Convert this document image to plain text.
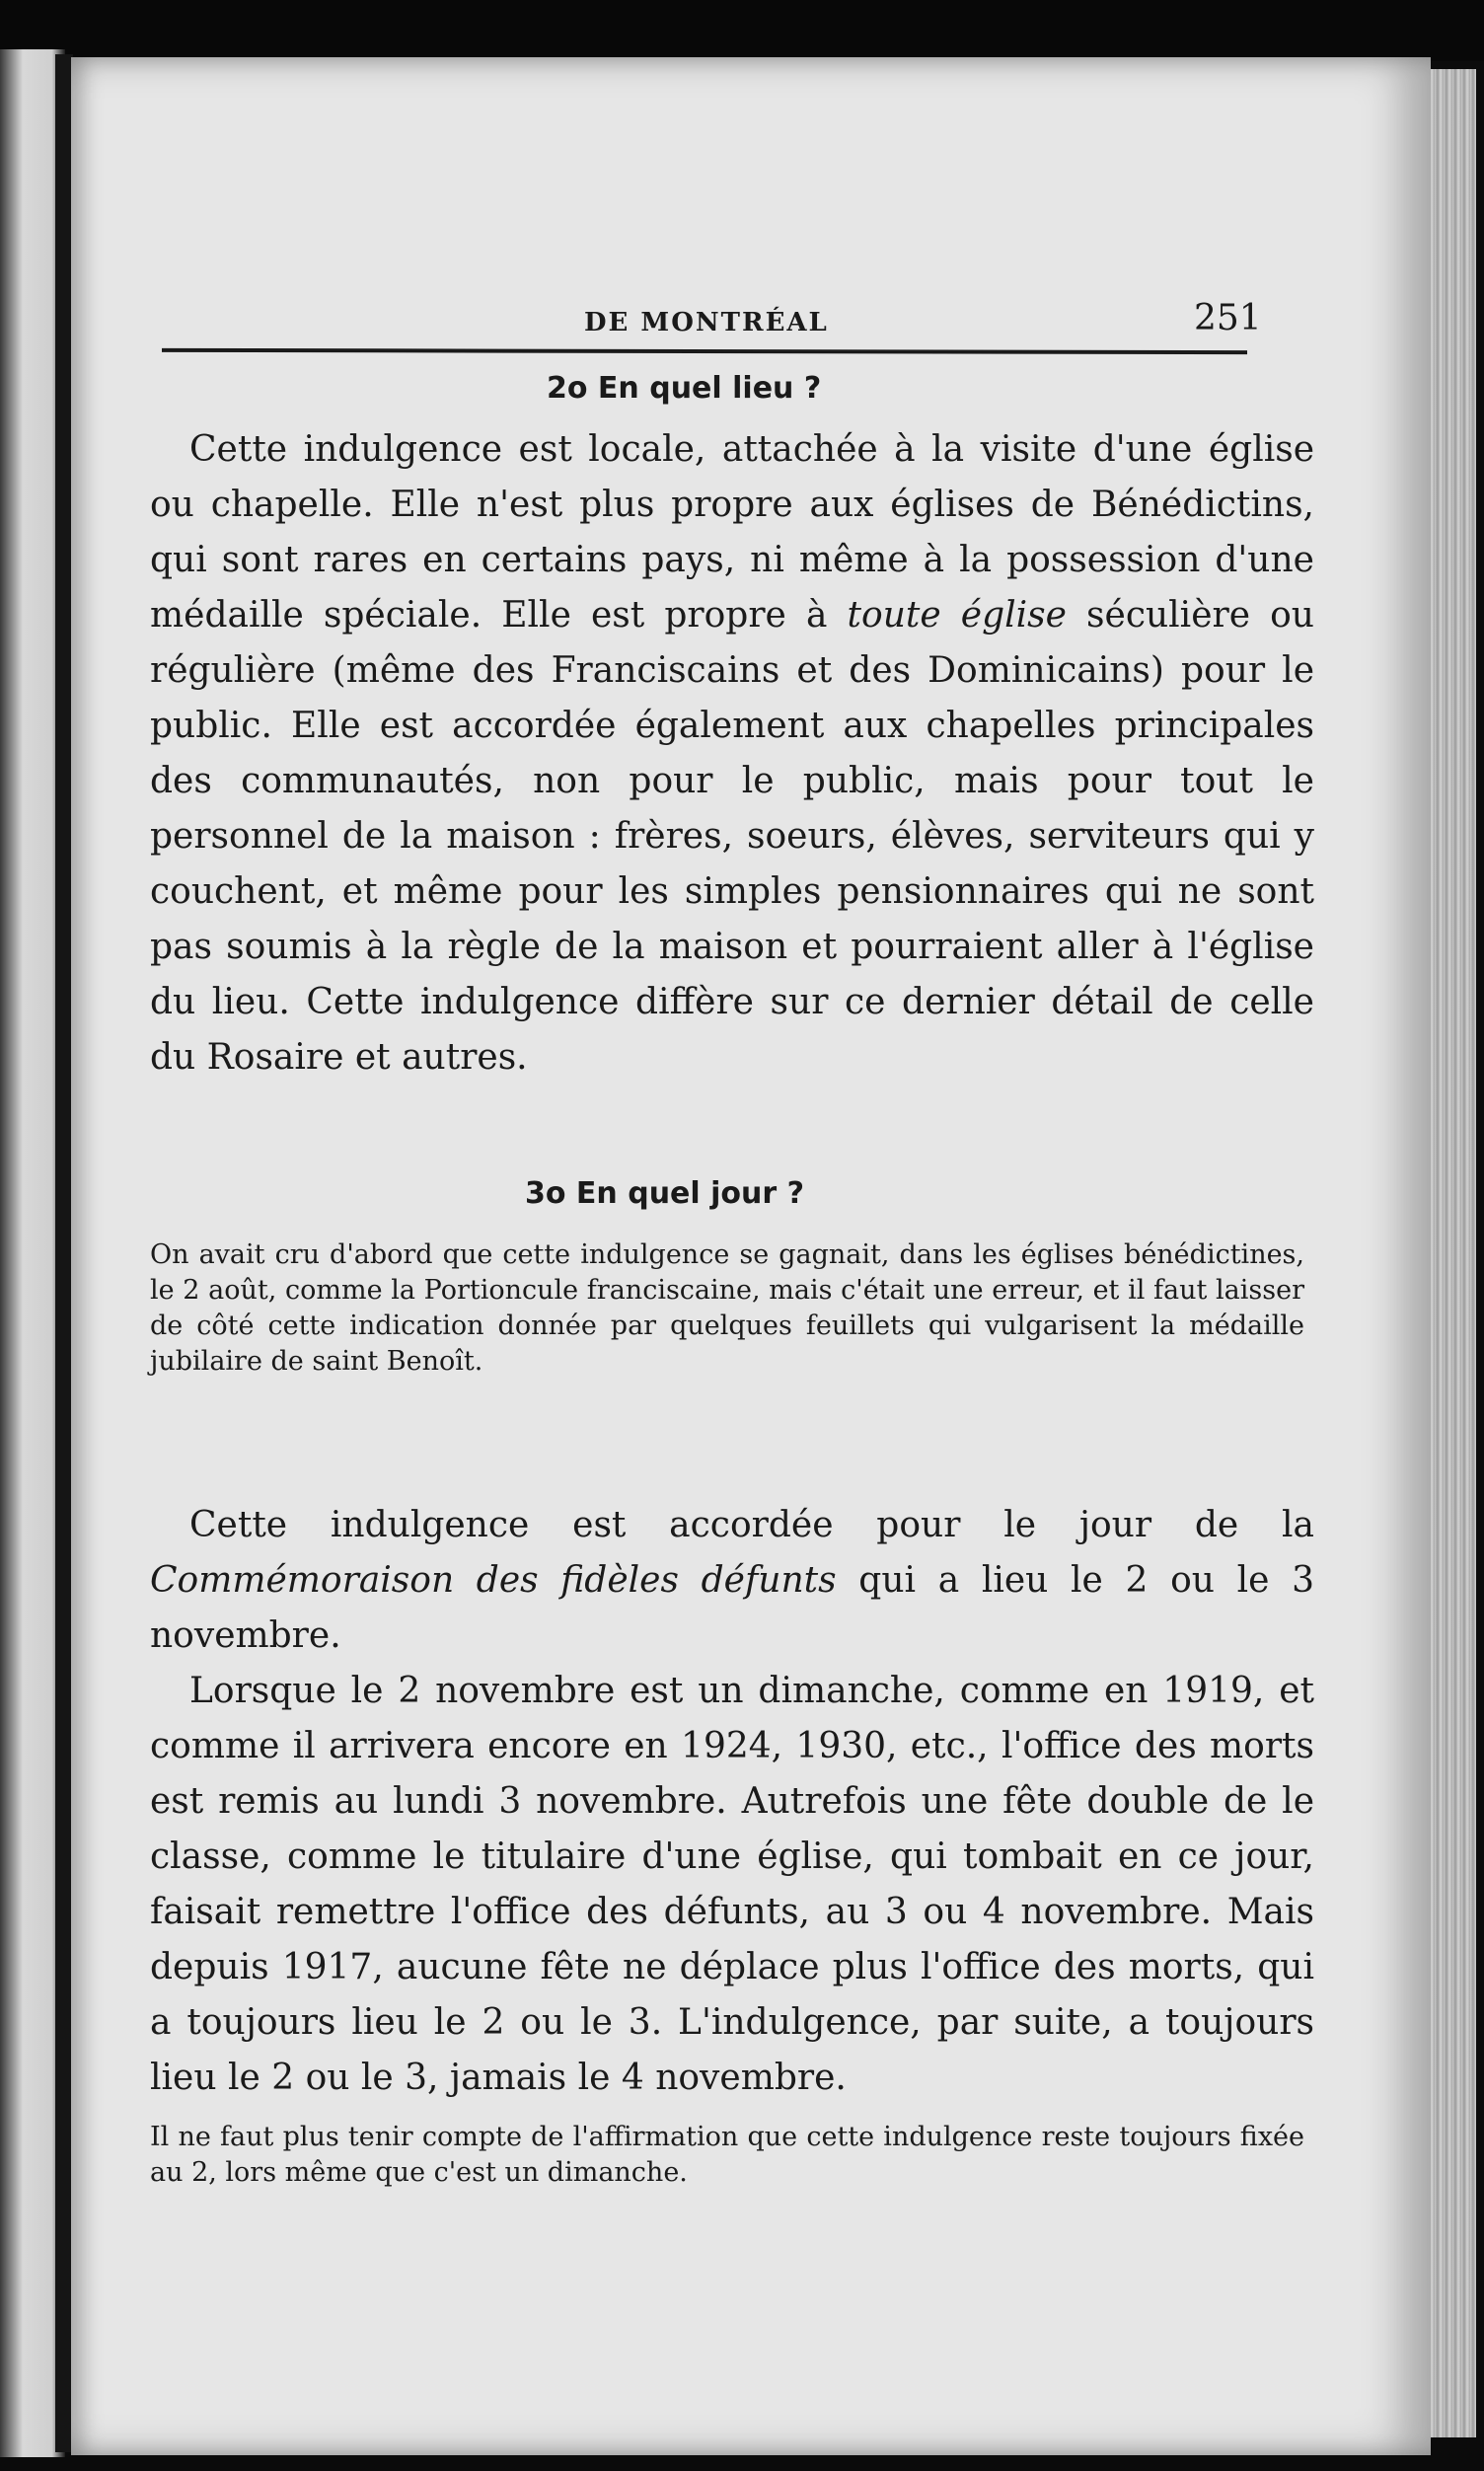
DE MONTRÉAL	251
2o En quel lieu ?

Cette indulgence est locale, attachée à la visite d'une église ou chapelle. Elle n'est plus propre aux églises de Bénédictins, qui sont rares en certains pays, ni même à la possession d'une médaille spéciale. Elle est propre à toute église séculière ou régulière (même des Franciscains et des Dominicains) pour le public. Elle est accordée également aux chapelles principales des communautés, non pour le public, mais pour tout le personnel de la maison : frères, soeurs, élèves, serviteurs qui y couchent, et même pour les simples pensionnaires qui ne sont pas soumis à la règle de la maison et pourraient aller à l'église du lieu. Cette indulgence diffère sur ce dernier détail de celle du Rosaire et autres.

3o En quel jour ?

On avait cru d'abord que cette indulgence se gagnait, dans les églises bénédictines, le 2 août, comme la Portioncule franciscaine, mais c'était une erreur, et il faut laisser de côté cette indication donnée par quelques feuillets qui vulgarisent la médaille jubilaire de saint Benoît.

Cette indulgence est accordée pour le jour de la Commémoraison des fidèles défunts qui a lieu le 2 ou le 3 novembre.

Lorsque le 2 novembre est un dimanche, comme en 1919, et comme il arrivera encore en 1924, 1930, etc., l'office des morts est remis au lundi 3 novembre. Autrefois une fête double de le classe, comme le titulaire d'une église, qui tombait en ce jour, faisait remettre l'office des défunts, au 3 ou 4 novembre. Mais depuis 1917, aucune fête ne déplace plus l'office des morts, qui a toujours lieu le 2 ou le 3. L'indulgence, par suite, a toujours lieu le 2 ou le 3, jamais le 4 novembre.

Il ne faut plus tenir compte de l'affirmation que cette indulgence reste toujours fixée au 2, lors même que c'est un dimanche.
